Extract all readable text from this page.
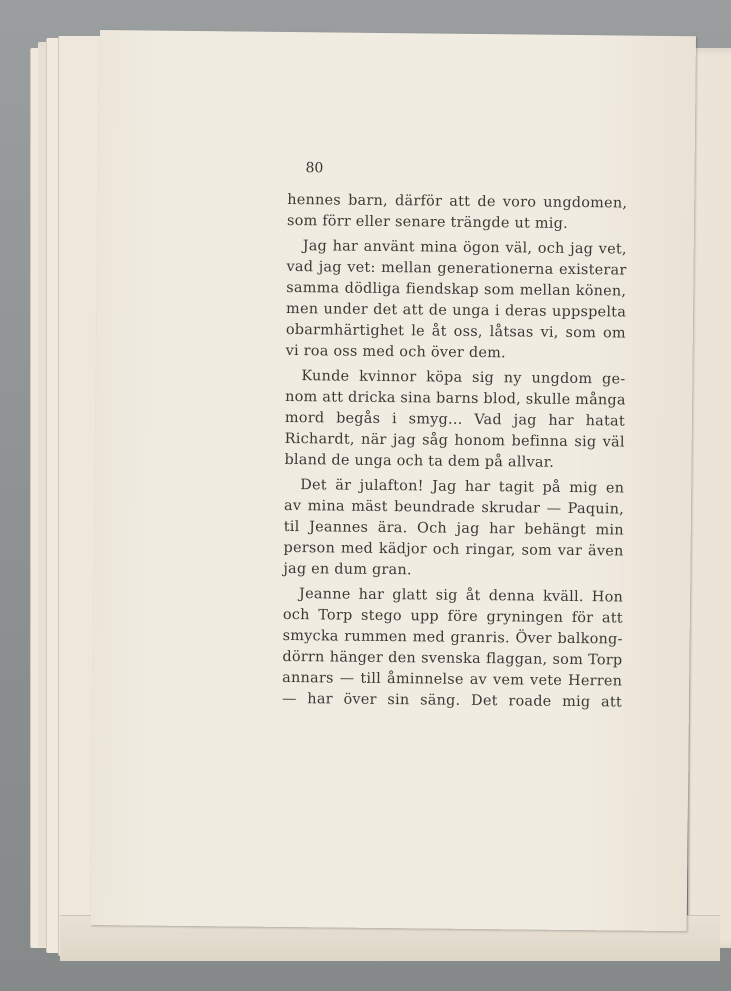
80
hennes barn, därför att de voro ungdomen,
som förr eller senare trängde ut mig.
Jag har använt mina ögon väl, och jag vet,
vad jag vet: mellan generationerna existerar
samma dödliga fiendskap som mellan könen,
men under det att de unga i deras uppspelta
obarmhärtighet le åt oss, låtsas vi, som om
vi roa oss med och över dem.
Kunde kvinnor köpa sig ny ungdom ge-
nom att dricka sina barns blod, skulle många
mord begås i smyg... Vad jag har hatat
Richardt, när jag såg honom befinna sig väl
bland de unga och ta dem på allvar.
Det är julafton! Jag har tagit på mig en
av mina mäst beundrade skrudar — Paquin,
til Jeannes ära. Och jag har behängt min
person med kädjor och ringar, som var även
jag en dum gran.
Jeanne har glatt sig åt denna kväll. Hon
och Torp stego upp före gryningen för att
smycka rummen med granris. Över balkong-
dörrn hänger den svenska flaggan, som Torp
annars — till åminnelse av vem vete Herren
— har över sin säng. Det roade mig att
